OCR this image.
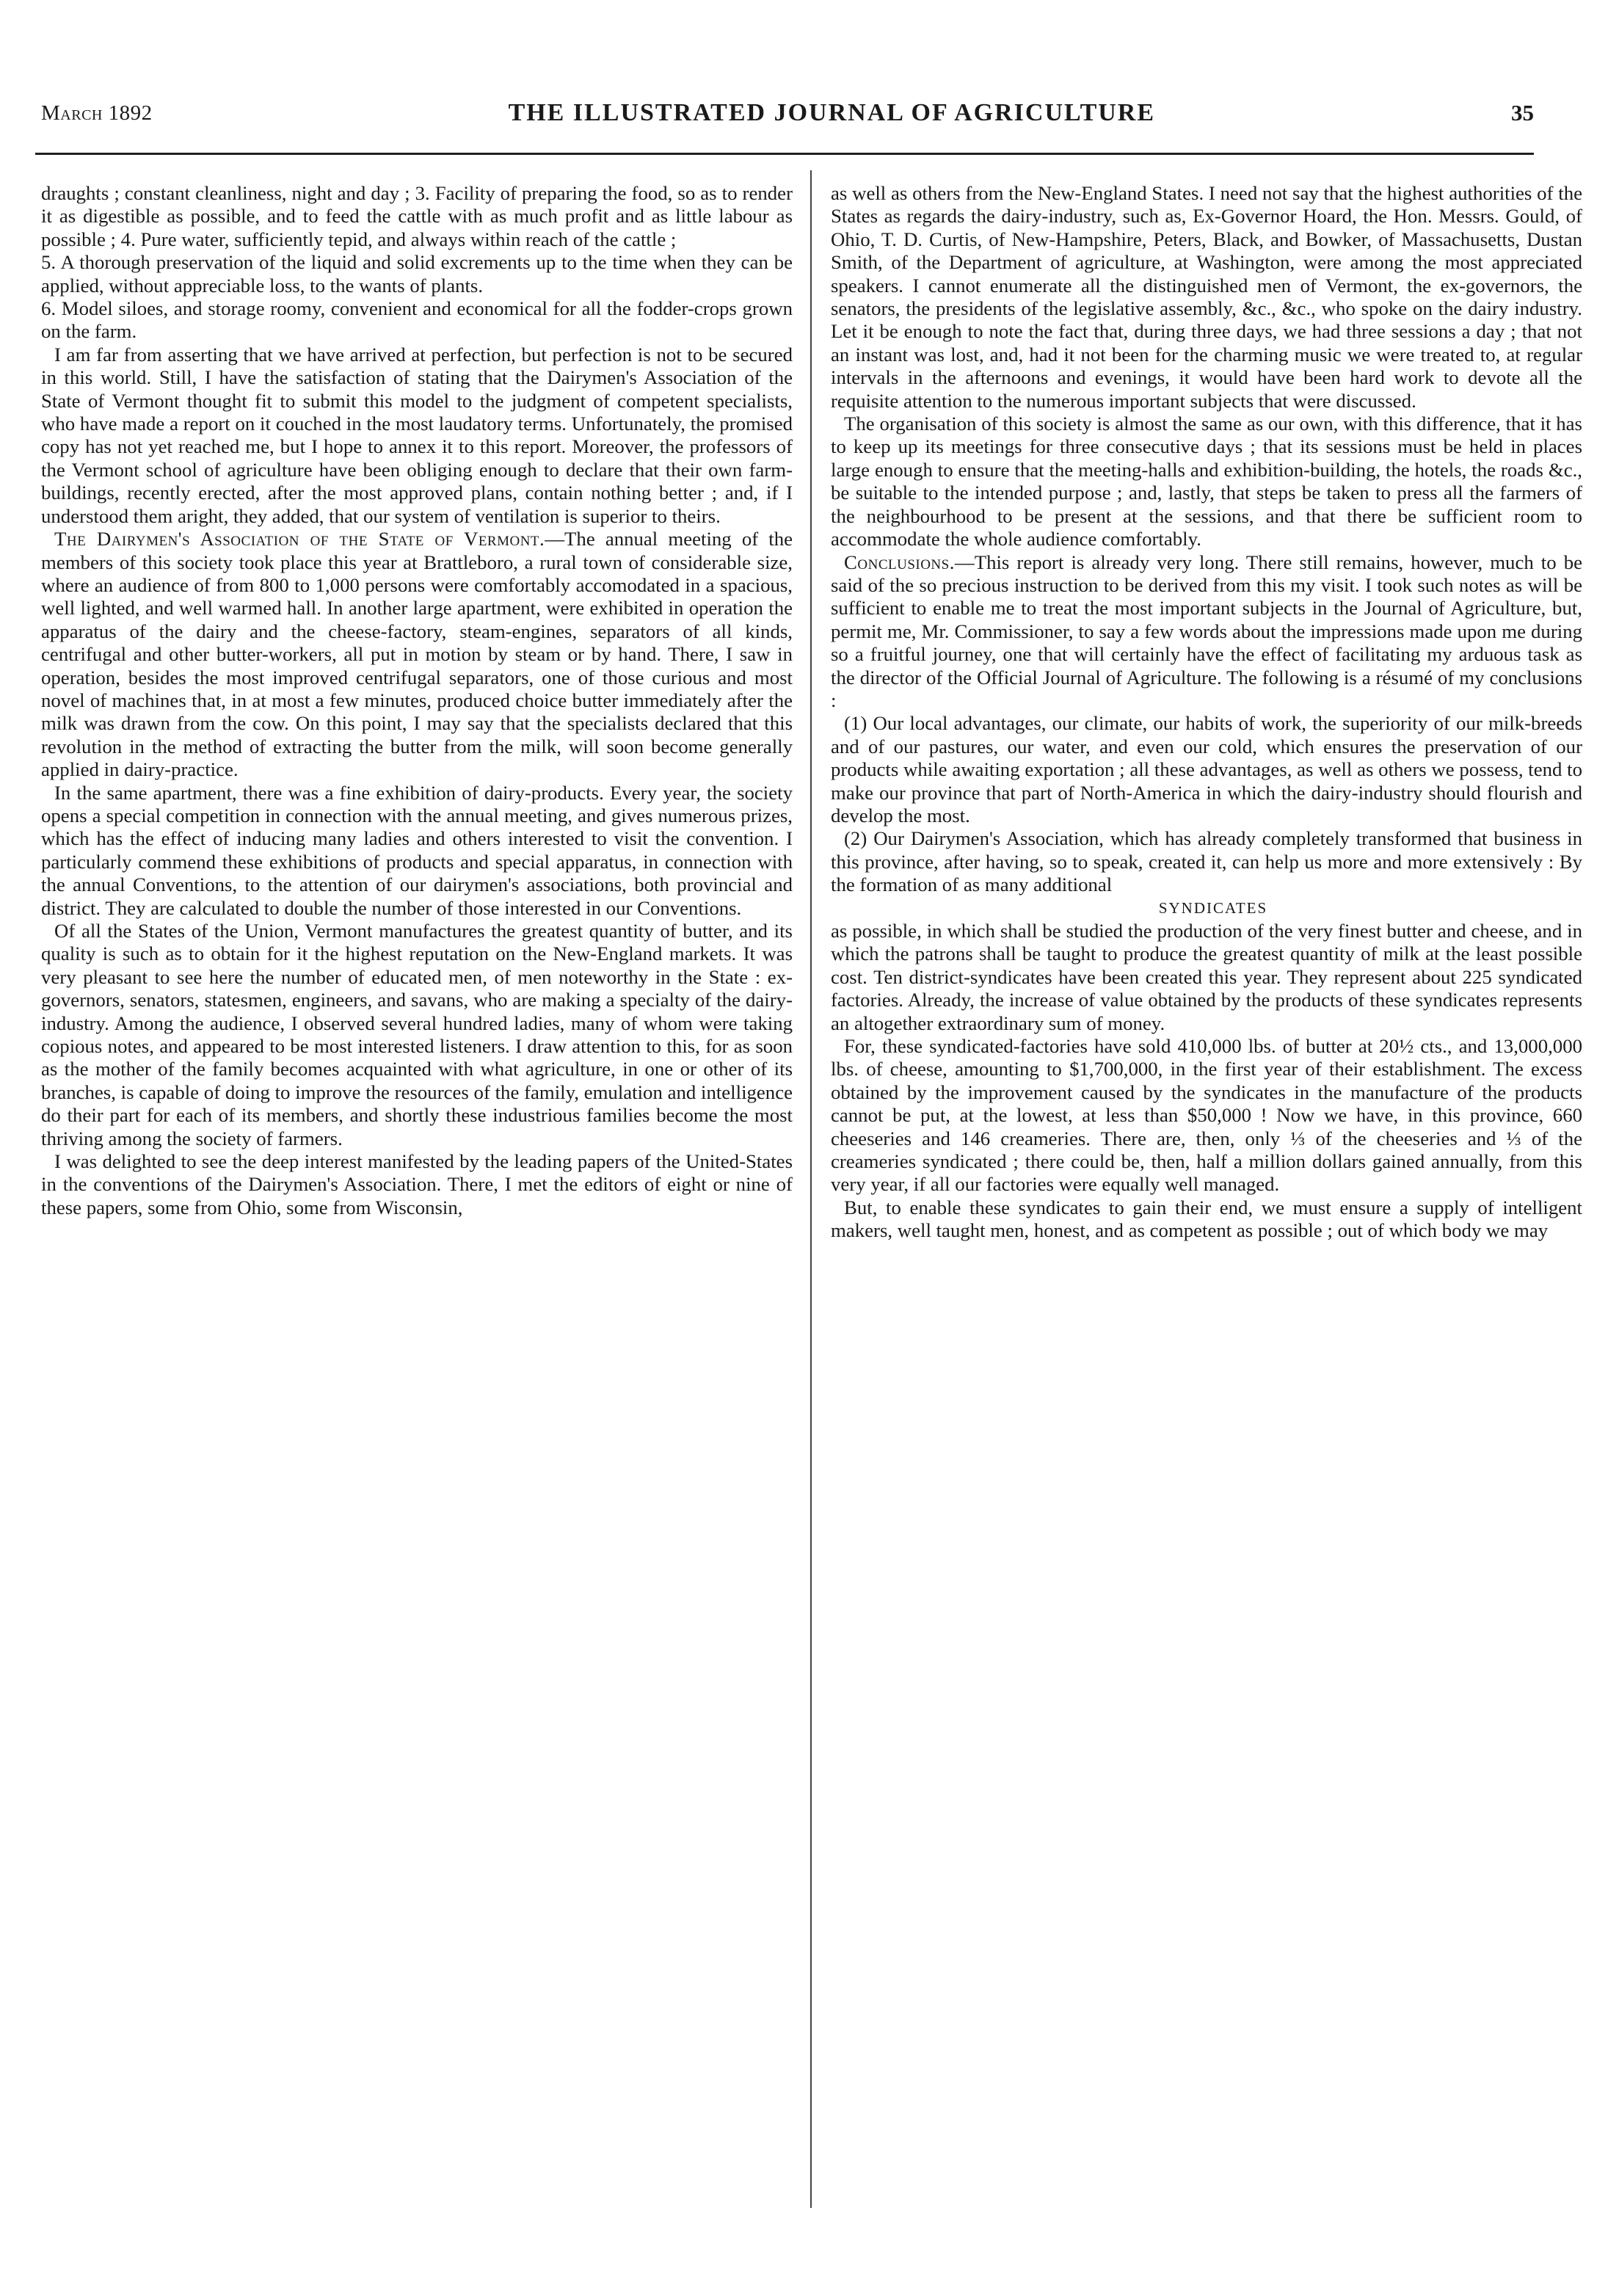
March 1892	THE ILLUSTRATED JOURNAL OF AGRICULTURE	35

draughts ; constant cleanliness, night and day ; 3. Facility of preparing the food, so as to render it as digestible as possible, and to feed the cattle with as much profit and as little labour as possible ; 4. Pure water, sufficiently tepid, and always within reach of the cattle ;

5. A thorough preservation of the liquid and solid excrements up to the time when they can be applied, without appreciable loss, to the wants of plants.

6. Model siloes, and storage roomy, convenient and economical for all the fodder-crops grown on the farm.

I am far from asserting that we have arrived at perfection, but perfection is not to be secured in this world. Still, I have the satisfaction of stating that the Dairymen's Association of the State of Vermont thought fit to submit this model to the judgment of competent specialists, who have made a report on it couched in the most laudatory terms. Unfortunately, the promised copy has not yet reached me, but I hope to annex it to this report. Moreover, the professors of the Vermont school of agriculture have been obliging enough to declare that their own farm-buildings, recently erected, after the most approved plans, contain nothing better ; and, if I understood them aright, they added, that our system of ventilation is superior to theirs.

The Dairymen's Association of the State of Vermont.—The annual meeting of the members of this society took place this year at Brattleboro, a rural town of considerable size, where an audience of from 800 to 1,000 persons were comfortably accomodated in a spacious, well lighted, and well warmed hall. In another large apartment, were exhibited in operation the apparatus of the dairy and the cheese-factory, steam-engines, separators of all kinds, centrifugal and other butter-workers, all put in motion by steam or by hand. There, I saw in operation, besides the most improved centrifugal separators, one of those curious and most novel of machines that, in at most a few minutes, produced choice butter immediately after the milk was drawn from the cow. On this point, I may say that the specialists declared that this revolution in the method of extracting the butter from the milk, will soon become generally applied in dairy-practice.

In the same apartment, there was a fine exhibition of dairy-products. Every year, the society opens a special competition in connection with the annual meeting, and gives numerous prizes, which has the effect of inducing many ladies and others interested to visit the convention. I particularly commend these exhibitions of products and special apparatus, in connection with the annual Conventions, to the attention of our dairymen's associations, both provincial and district. They are calculated to double the number of those interested in our Conventions.

Of all the States of the Union, Vermont manufactures the greatest quantity of butter, and its quality is such as to obtain for it the highest reputation on the New-England markets. It was very pleasant to see here the number of educated men, of men noteworthy in the State : ex-governors, senators, statesmen, engineers, and savans, who are making a specialty of the dairy-industry. Among the audience, I observed several hundred ladies, many of whom were taking copious notes, and appeared to be most interested listeners. I draw attention to this, for as soon as the mother of the family becomes acquainted with what agriculture, in one or other of its branches, is capable of doing to improve the resources of the family, emulation and intelligence do their part for each of its members, and shortly these industrious families become the most thriving among the society of farmers.

I was delighted to see the deep interest manifested by the leading papers of the United-States in the conventions of the Dairymen's Association. There, I met the editors of eight or nine of these papers, some from Ohio, some from Wisconsin,

as well as others from the New-England States. I need not say that the highest authorities of the States as regards the dairy-industry, such as, Ex-Governor Hoard, the Hon. Messrs. Gould, of Ohio, T. D. Curtis, of New-Hampshire, Peters, Black, and Bowker, of Massachusetts, Dustan Smith, of the Department of agriculture, at Washington, were among the most appreciated speakers. I cannot enumerate all the distinguished men of Vermont, the ex-governors, the senators, the presidents of the legislative assembly, &c., &c., who spoke on the dairy industry. Let it be enough to note the fact that, during three days, we had three sessions a day ; that not an instant was lost, and, had it not been for the charming music we were treated to, at regular intervals in the afternoons and evenings, it would have been hard work to devote all the requisite attention to the numerous important subjects that were discussed.

The organisation of this society is almost the same as our own, with this difference, that it has to keep up its meetings for three consecutive days ; that its sessions must be held in places large enough to ensure that the meeting-halls and exhibition-building, the hotels, the roads &c., be suitable to the intended purpose ; and, lastly, that steps be taken to press all the farmers of the neighbourhood to be present at the sessions, and that there be sufficient room to accommodate the whole audience comfortably.

Conclusions.—This report is already very long. There still remains, however, much to be said of the so precious instruction to be derived from this my visit. I took such notes as will be sufficient to enable me to treat the most important subjects in the Journal of Agriculture, but, permit me, Mr. Commissioner, to say a few words about the impressions made upon me during so a fruitful journey, one that will certainly have the effect of facilitating my arduous task as the director of the Official Journal of Agriculture. The following is a résumé of my conclusions :

(1) Our local advantages, our climate, our habits of work, the superiority of our milk-breeds and of our pastures, our water, and even our cold, which ensures the preservation of our products while awaiting exportation ; all these advantages, as well as others we possess, tend to make our province that part of North-America in which the dairy-industry should flourish and develop the most.

(2) Our Dairymen's Association, which has already completely transformed that business in this province, after having, so to speak, created it, can help us more and more extensively : By the formation of as many additional

SYNDICATES

as possible, in which shall be studied the production of the very finest butter and cheese, and in which the patrons shall be taught to produce the greatest quantity of milk at the least possible cost. Ten district-syndicates have been created this year. They represent about 225 syndicated factories. Already, the increase of value obtained by the products of these syndicates represents an altogether extraordinary sum of money.

For, these syndicated-factories have sold 410,000 lbs. of butter at 20½ cts., and 13,000,000 lbs. of cheese, amounting to $1,700,000, in the first year of their establishment. The excess obtained by the improvement caused by the syndicates in the manufacture of the products cannot be put, at the lowest, at less than $50,000 ! Now we have, in this province, 660 cheeseries and 146 creameries. There are, then, only ⅓ of the cheeseries and ⅓ of the creameries syndicated ; there could be, then, half a million dollars gained annually, from this very year, if all our factories were equally well managed.

But, to enable these syndicates to gain their end, we must ensure a supply of intelligent makers, well taught men, honest, and as competent as possible ; out of which body we may
